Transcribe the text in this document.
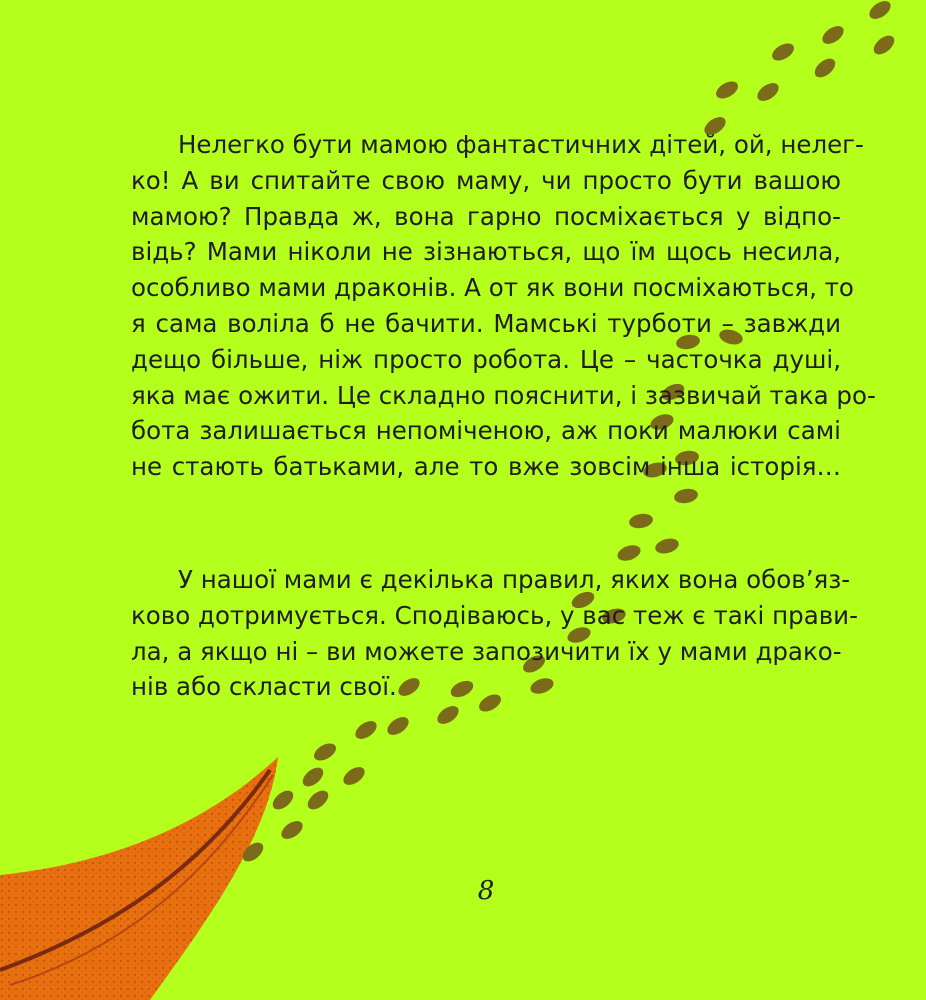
Нелегко бути мамою фантастичних дітей, ой, нелег-
ко! А ви спитайте свою маму, чи просто бути вашою
мамою? Правда ж, вона гарно посміхається у відпо-
відь? Мами ніколи не зізнаються, що їм щось несила,
особливо мами драконів. А от як вони посміхаються, то
я сама воліла б не бачити. Мамські турботи – завжди
дещо більше, ніж просто робота. Це – часточка душі,
яка має ожити. Це складно пояснити, і зазвичай така ро-
бота залишається непоміченою, аж поки малюки самі
не стають батьками, але то вже зовсім інша історія…
У нашої мами є декілька правил, яких вона обов’яз-
ково дотримується. Сподіваюсь, у вас теж є такі прави-
ла, а якщо ні – ви можете запозичити їх у мами драко-
нів або скласти свої.
8
